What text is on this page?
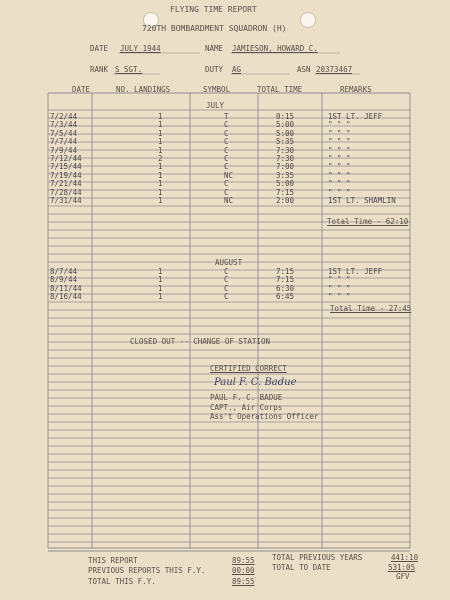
FLYING TIME REPORT
720TH BOMBARDMENT SQUADRON (H)
DATE JULY 1944	NAME JAMIESON, HOWARD C.
RANK S SGT.	DUTY AG	ASN 20373467
DATE	NO. LANDINGS	SYMBOL	TOTAL TIME	REMARKS
JULY
7/2/44	1	T	0:15	1ST LT. JEFF
7/3/44	1	C	5:00	" " "
7/5/44	1	C	5:00	" " "
7/7/44	1	C	5:35	" " "
7/9/44	1	C	7:30	" " "
7/12/44	2	C	7:30	" " "
7/15/44	1	C	7:00	" " "
7/19/44	1	NC	3:35	" " "
7/21/44	1	C	5:00	" " "
7/28/44	1	C	7:15	" " "
7/31/44	1	NC	2:00	1ST LT. SHAMLIN
Total Time - 62:10
AUGUST
8/7/44	1	C	7:15	1ST LT. JEFF
8/9/44	1	C	7:15	" " "
8/11/44	1	C	6:30	" " "
8/16/44	1	C	6:45	" " "
Total Time - 27:45
CLOSED OUT -- CHANGE OF STATION
CERTIFIED CORRECT
Paul F. C. Badue
PAUL F. C. BADUE
CAPT., Air Corps
Ass't Operations Officer
THIS REPORT	89:55
PREVIOUS REPORTS THIS F.Y.	00:00
TOTAL THIS F.Y.	89:55
TOTAL PREVIOUS YEARS	441:10
TOTAL TO DATE	531:05
GFV
